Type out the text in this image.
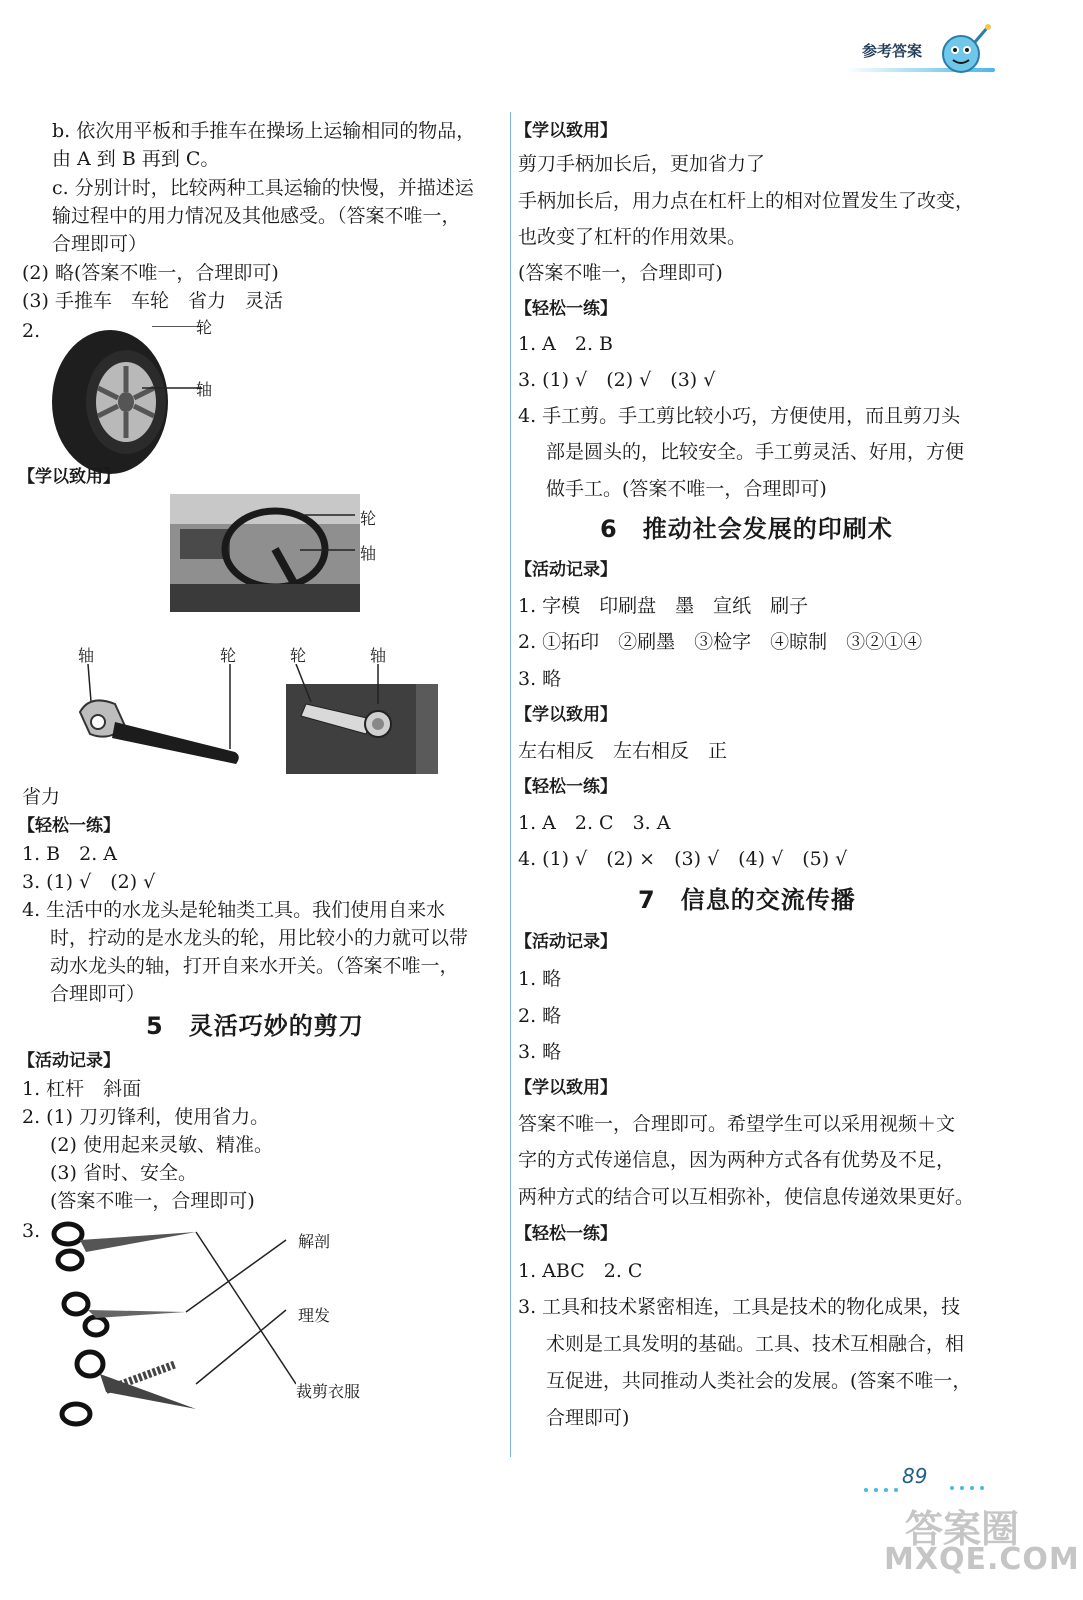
参考答案
b. 依次用平板和手推车在操场上运输相同的物品，
由 A 到 B 再到 C。
c. 分别计时，比较两种工具运输的快慢，并描述运
输过程中的用力情况及其他感受。（答案不唯一，
合理即可）
(2) 略(答案不唯一，合理即可)
(3) 手推车　车轮　省力　灵活
2.	轮
轴
【学以致用】
轮
轴
轴	轮	轮	轴
省力
【轻松一练】
1. B　2. A
3. (1) √　(2) √
4. 生活中的水龙头是轮轴类工具。我们使用自来水
时，拧动的是水龙头的轮，用比较小的力就可以带
动水龙头的轴，打开自来水开关。（答案不唯一，
合理即可）
5　灵活巧妙的剪刀
【活动记录】
1. 杠杆　斜面
2. (1) 刀刃锋利，使用省力。
(2) 使用起来灵敏、精准。
(3) 省时、安全。
(答案不唯一，合理即可)
3.	解剖
理发
裁剪衣服
【学以致用】
剪刀手柄加长后，更加省力了
手柄加长后，用力点在杠杆上的相对位置发生了改变，
也改变了杠杆的作用效果。
(答案不唯一，合理即可)
【轻松一练】
1. A　2. B
3. (1) √　(2) √　(3) √
4. 手工剪。手工剪比较小巧，方便使用，而且剪刀头
部是圆头的，比较安全。手工剪灵活、好用，方便
做手工。(答案不唯一，合理即可)
6　推动社会发展的印刷术
【活动记录】
1. 字模　印刷盘　墨　宣纸　刷子
2. ①拓印　②刷墨　③检字　④晾制　③②①④
3. 略
【学以致用】
左右相反　左右相反　正
【轻松一练】
1. A　2. C　3. A
4. (1) √　(2) ×　(3) √　(4) √　(5) √
7　信息的交流传播
【活动记录】
1. 略
2. 略
3. 略
【学以致用】
答案不唯一，合理即可。希望学生可以采用视频＋文
字的方式传递信息，因为两种方式各有优势及不足，
两种方式的结合可以互相弥补，使信息传递效果更好。
【轻松一练】
1. ABC　2. C
3. 工具和技术紧密相连，工具是技术的物化成果，技
术则是工具发明的基础。工具、技术互相融合，相
互促进，共同推动人类社会的发展。(答案不唯一，
合理即可)
89
答案圈
MXQE.COM
